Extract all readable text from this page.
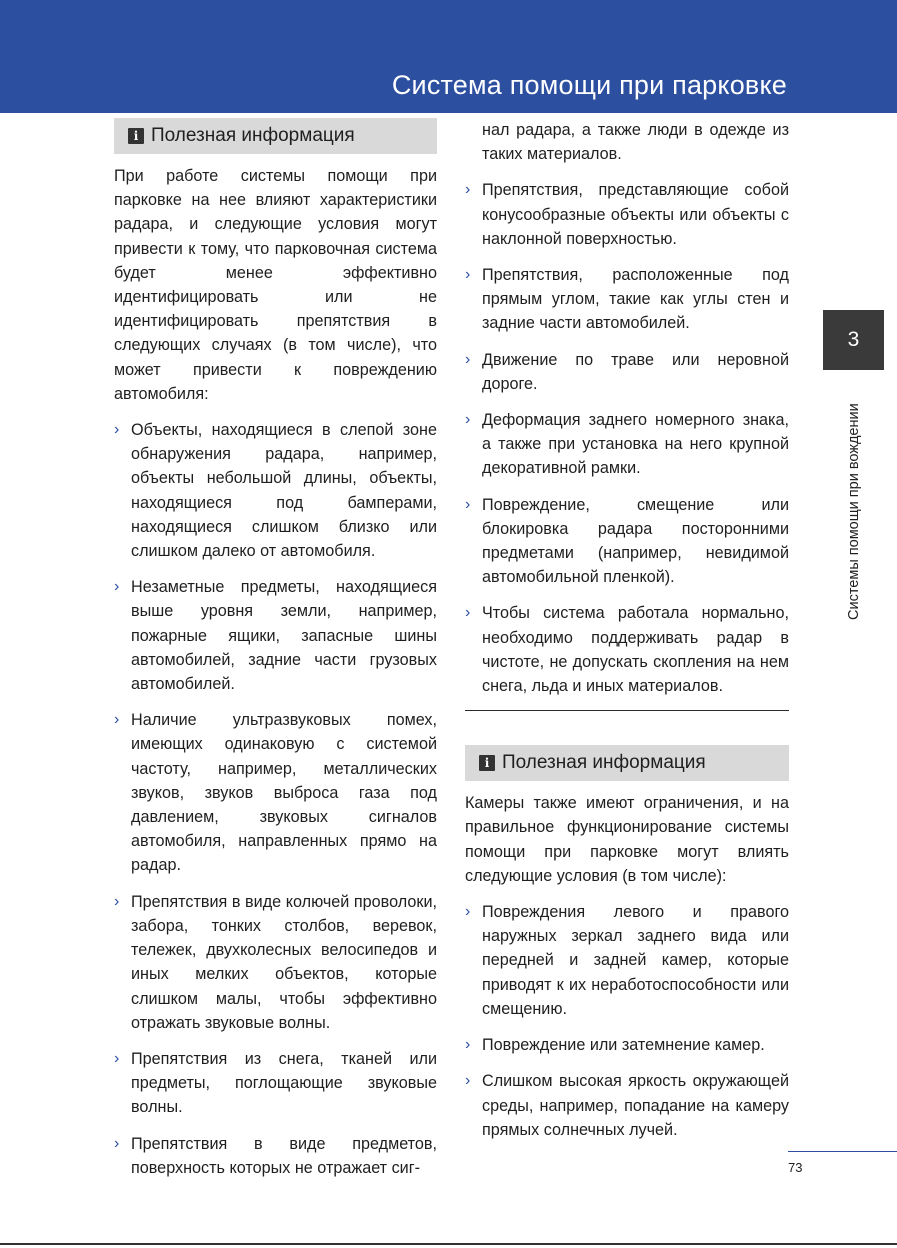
Система помощи при парковке
i Полезная информация

При работе системы помощи при парковке на нее влияют характеристики радара, и следующие условия могут привести к тому, что парковочная система будет менее эффективно идентифицировать или не идентифицировать препятствия в следующих случаях (в том числе), что может привести к повреждению автомобиля:

› Объекты, находящиеся в слепой зоне обнаружения радара, например, объекты небольшой длины, объекты, находящиеся под бамперами, находящиеся слишком близко или слишком далеко от автомобиля.
› Незаметные предметы, находящиеся выше уровня земли, например, пожарные ящики, запасные шины автомобилей, задние части грузовых автомобилей.
› Наличие ультразвуковых помех, имеющих одинаковую с системой частоту, например, металлических звуков, звуков выброса газа под давлением, звуковых сигналов автомобиля, направленных прямо на радар.
› Препятствия в виде колючей проволоки, забора, тонких столбов, веревок, тележек, двухколесных велосипедов и иных мелких объектов, которые слишком малы, чтобы эффективно отражать звуковые волны.
› Препятствия из снега, тканей или предметы, поглощающие звуковые волны.
› Препятствия в виде предметов, поверхность которых не отражает сиг-
нал радара, а также люди в одежде из таких материалов.
› Препятствия, представляющие собой конусообразные объекты или объекты с наклонной поверхностью.
› Препятствия, расположенные под прямым углом, такие как углы стен и задние части автомобилей.
› Движение по траве или неровной дороге.
› Деформация заднего номерного знака, а также при установка на него крупной декоративной рамки.
› Повреждение, смещение или блокировка радара посторонними предметами (например, невидимой автомобильной пленкой).
› Чтобы система работала нормально, необходимо поддерживать радар в чистоте, не допускать скопления на нем снега, льда и иных материалов.
i Полезная информация

Камеры также имеют ограничения, и на правильное функционирование системы помощи при парковке могут влиять следующие условия (в том числе):

› Повреждения левого и правого наружных зеркал заднего вида или передней и задней камер, которые приводят к их неработоспособности или смещению.
› Повреждение или затемнение камер.
› Слишком высокая яркость окружающей среды, например, попадание на камеру прямых солнечных лучей.
3
Системы помощи при вождении
73
